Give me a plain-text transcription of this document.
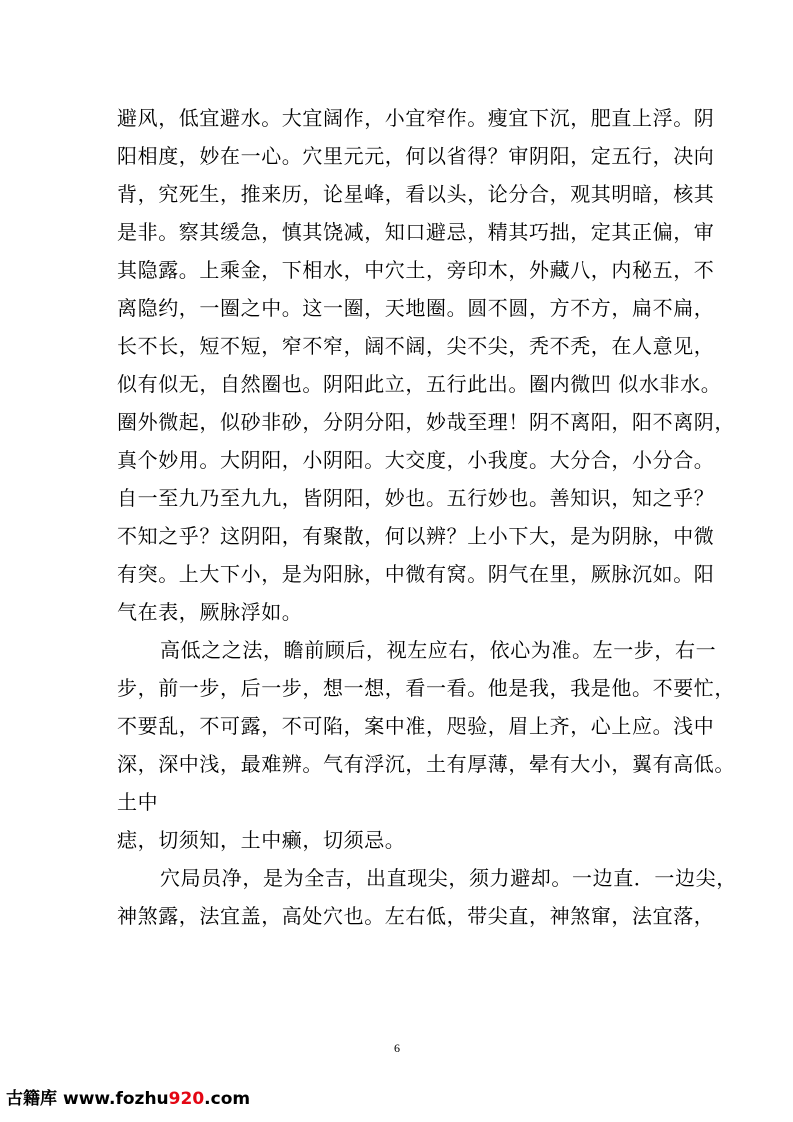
避风，低宜避水。大宜阔作，小宜窄作。瘦宜下沉，肥直上浮。阴
阳相度，妙在一心。穴里元元，何以省得？审阴阳，定五行，决向
背，究死生，推来历，论星峰，看以头，论分合，观其明暗，核其
是非。察其缓急，慎其饶减，知口避忌，精其巧拙，定其正偏，审
其隐露。上乘金，下相水，中穴土，旁印木，外藏八，内秘五，不
离隐约，一圈之中。这一圈，天地圈。圆不圆，方不方，扁不扁，
长不长，短不短，窄不窄，阔不阔，尖不尖，秃不秃，在人意见，
似有似无，自然圈也。阴阳此立，五行此出。圈内微凹 似水非水。
圈外微起，似砂非砂，分阴分阳，妙哉至理！阴不离阳，阳不离阴，
真个妙用。大阴阳，小阴阳。大交度，小我度。大分合，小分合。
自一至九乃至九九，皆阴阳，妙也。五行妙也。善知识，知之乎？
不知之乎？这阴阳，有聚散，何以辨？上小下大，是为阴脉，中微
有突。上大下小，是为阳脉，中微有窝。阴气在里，厥脉沉如。阳
气在表，厥脉浮如。
高低之之法，瞻前顾后，视左应右，依心为准。左一步，右一
步，前一步，后一步，想一想，看一看。他是我，我是他。不要忙，
不要乱，不可露，不可陷，案中准，咫验，眉上齐，心上应。浅中
深，深中浅，最难辨。气有浮沉，土有厚薄，晕有大小，翼有高低。
土中
痣，切须知，土中癞，切须忌。
穴局员净，是为全吉，出直现尖，须力避却。一边直．一边尖，
神煞露，法宜盖，高处穴也。左右低，带尖直，神煞窜，法宜落，
6
古籍库 www.fozhu920.com
